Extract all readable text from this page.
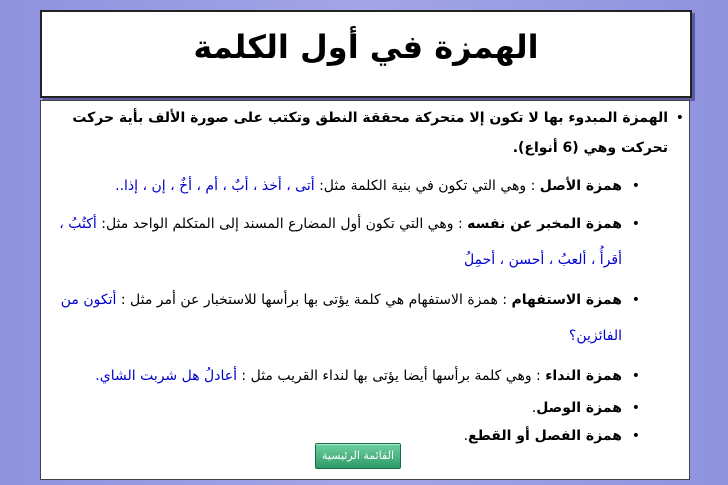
الهمزة في أول الكلمة
•
الهمزة المبدوء بها لا تكون إلا متحركة محققة النطق وتكتب على صورة الألف بأية حركت
تحركت وهي (6 أنواع).
•
همزة الأصل : وهي التي تكون في بنية الكلمة مثل: أتى ، أخذ ، أبٌ ، أم ، أخٌ ، إن ، إذا..
•
همزة المخبر عن نفسه : وهي التي تكون أول المضارع المسند إلى المتكلم الواحد مثل: أكتُبُ ،
أقرأُ ، ألعبُ ، أحسن ، أحمِلُ
•
همزة الاستفهام : همزة الاستفهام هي كلمة يؤتى بها برأسها للاستخبار عن أمر مثل : أتكون من
الفائزين؟
•
همزة النداء : وهي كلمة برأسها أيضا يؤتى بها لنداء القريب مثل : أعادلُ هل شربت الشاي.
•
همزة الوصل.
•
همزة الفصل أو القطع.
القائمة الرئيسية
